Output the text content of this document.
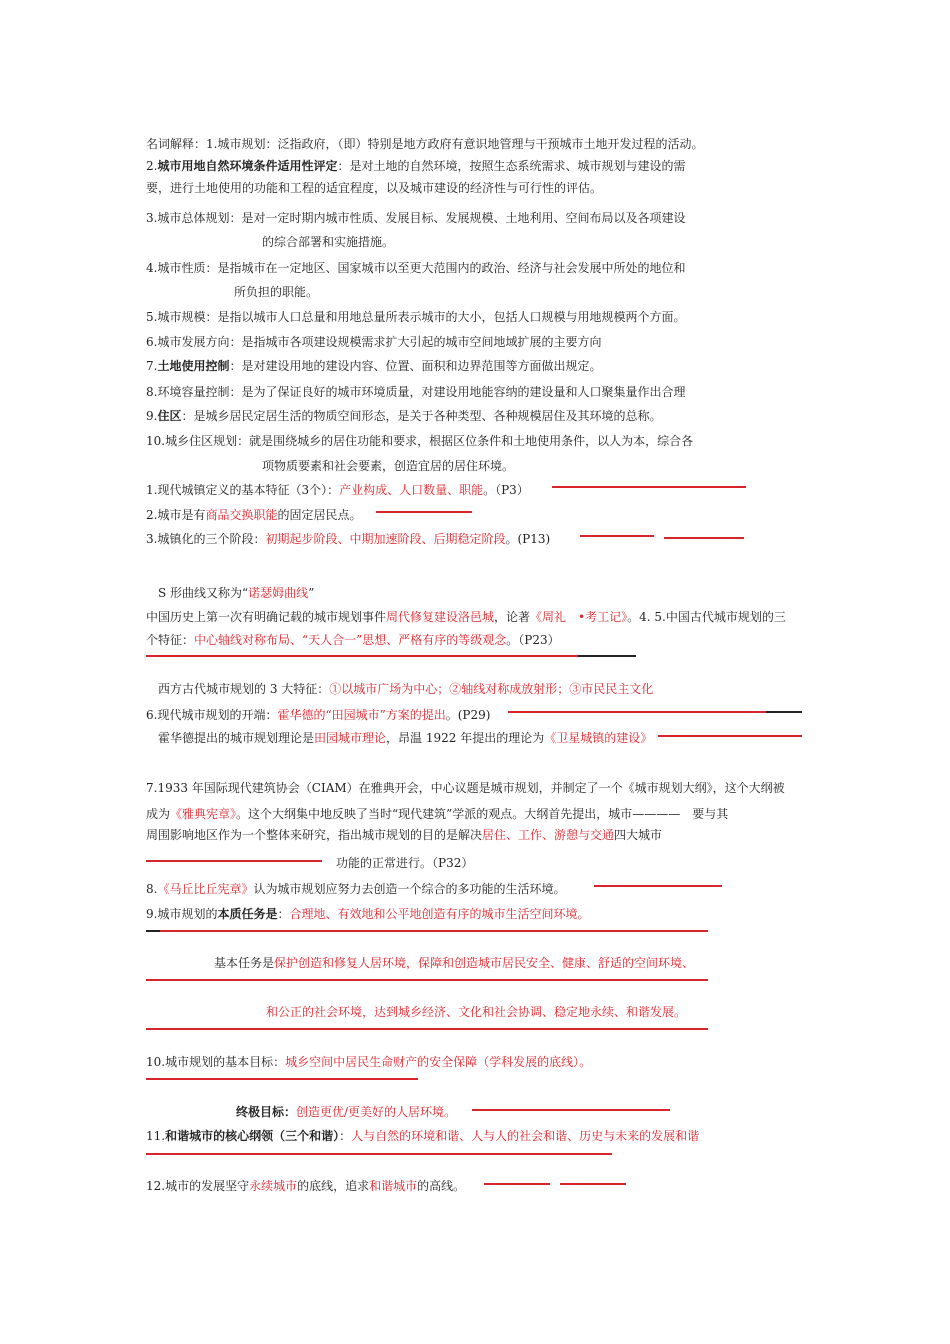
名词解释：1.城市规划：泛指政府，（即）特别是地方政府有意识地管理与干预城市土地开发过程的活动。
2.城市用地自然环境条件适用性评定：是对土地的自然环境，按照生态系统需求、城市规划与建设的需
要，进行土地使用的功能和工程的适宜程度，以及城市建设的经济性与可行性的评估。
3.城市总体规划：是对一定时期内城市性质、发展目标、发展规模、土地利用、空间布局以及各项建设
的综合部署和实施措施。
4.城市性质：是指城市在一定地区、国家城市以至更大范围内的政治、经济与社会发展中所处的地位和
所负担的职能。
5.城市规模：是指以城市人口总量和用地总量所表示城市的大小，包括人口规模与用地规模两个方面。
6.城市发展方向：是指城市各项建设规模需求扩大引起的城市空间地域扩展的主要方向
7.土地使用控制：是对建设用地的建设内容、位置、面积和边界范围等方面做出规定。
8.环境容量控制：是为了保证良好的城市环境质量，对建设用地能容纳的建设量和人口聚集量作出合理
9.住区：是城乡居民定居生活的物质空间形态，是关于各种类型、各种规模居住及其环境的总称。
10.城乡住区规划：就是围绕城乡的居住功能和要求，根据区位条件和土地使用条件，以人为本，综合各
项物质要素和社会要素，创造宜居的居住环境。
1.现代城镇定义的基本特征（3个）：产业构成、人口数量、职能。（P3）
2.城市是有商品交换职能的固定居民点。
3.城镇化的三个阶段：初期起步阶段、中期加速阶段、后期稳定阶段。(P13)
S 形曲线又称为“诺瑟姆曲线”
中国历史上第一次有明确记载的城市规划事件周代修复建设洛邑城，论著《周礼　•考工记》。4. 5.中国古代城市规划的三
个特征：中心轴线对称布局、“天人合一”思想、严格有序的等级观念。（P23）
西方古代城市规划的 3 大特征：①以城市广场为中心；②轴线对称成放射形；③市民民主文化
6.现代城市规划的开端：霍华德的“田园城市”方案的提出。(P29)
霍华德提出的城市规划理论是田园城市理论，昂温 1922 年提出的理论为《卫星城镇的建设》
7.1933 年国际现代建筑协会（CIAM）在雅典开会，中心议题是城市规划，并制定了一个《城市规划大纲》，这个大纲被
成为《雅典宪章》。这个大纲集中地反映了当时“现代建筑”学派的观点。大纲首先提出，城市————　要与其
周围影响地区作为一个整体来研究，指出城市规划的目的是解决居住、工作、游憩与交通四大城市
功能的正常进行。（P32）
8.《马丘比丘宪章》认为城市规划应努力去创造一个综合的多功能的生活环境。
9.城市规划的本质任务是：合理地、有效地和公平地创造有序的城市生活空间环境。
基本任务是保护创造和修复人居环境，保障和创造城市居民安全、健康、舒适的空间环境、
和公正的社会环境，达到城乡经济、文化和社会协调、稳定地永续、和谐发展。
10.城市规划的基本目标：城乡空间中居民生命财产的安全保障（学科发展的底线）。
终极目标：创造更优/更美好的人居环境。
11.和谐城市的核心纲领（三个和谐）：人与自然的环境和谐、人与人的社会和谐、历史与未来的发展和谐
12.城市的发展坚守永续城市的底线，追求和谐城市的高线。
